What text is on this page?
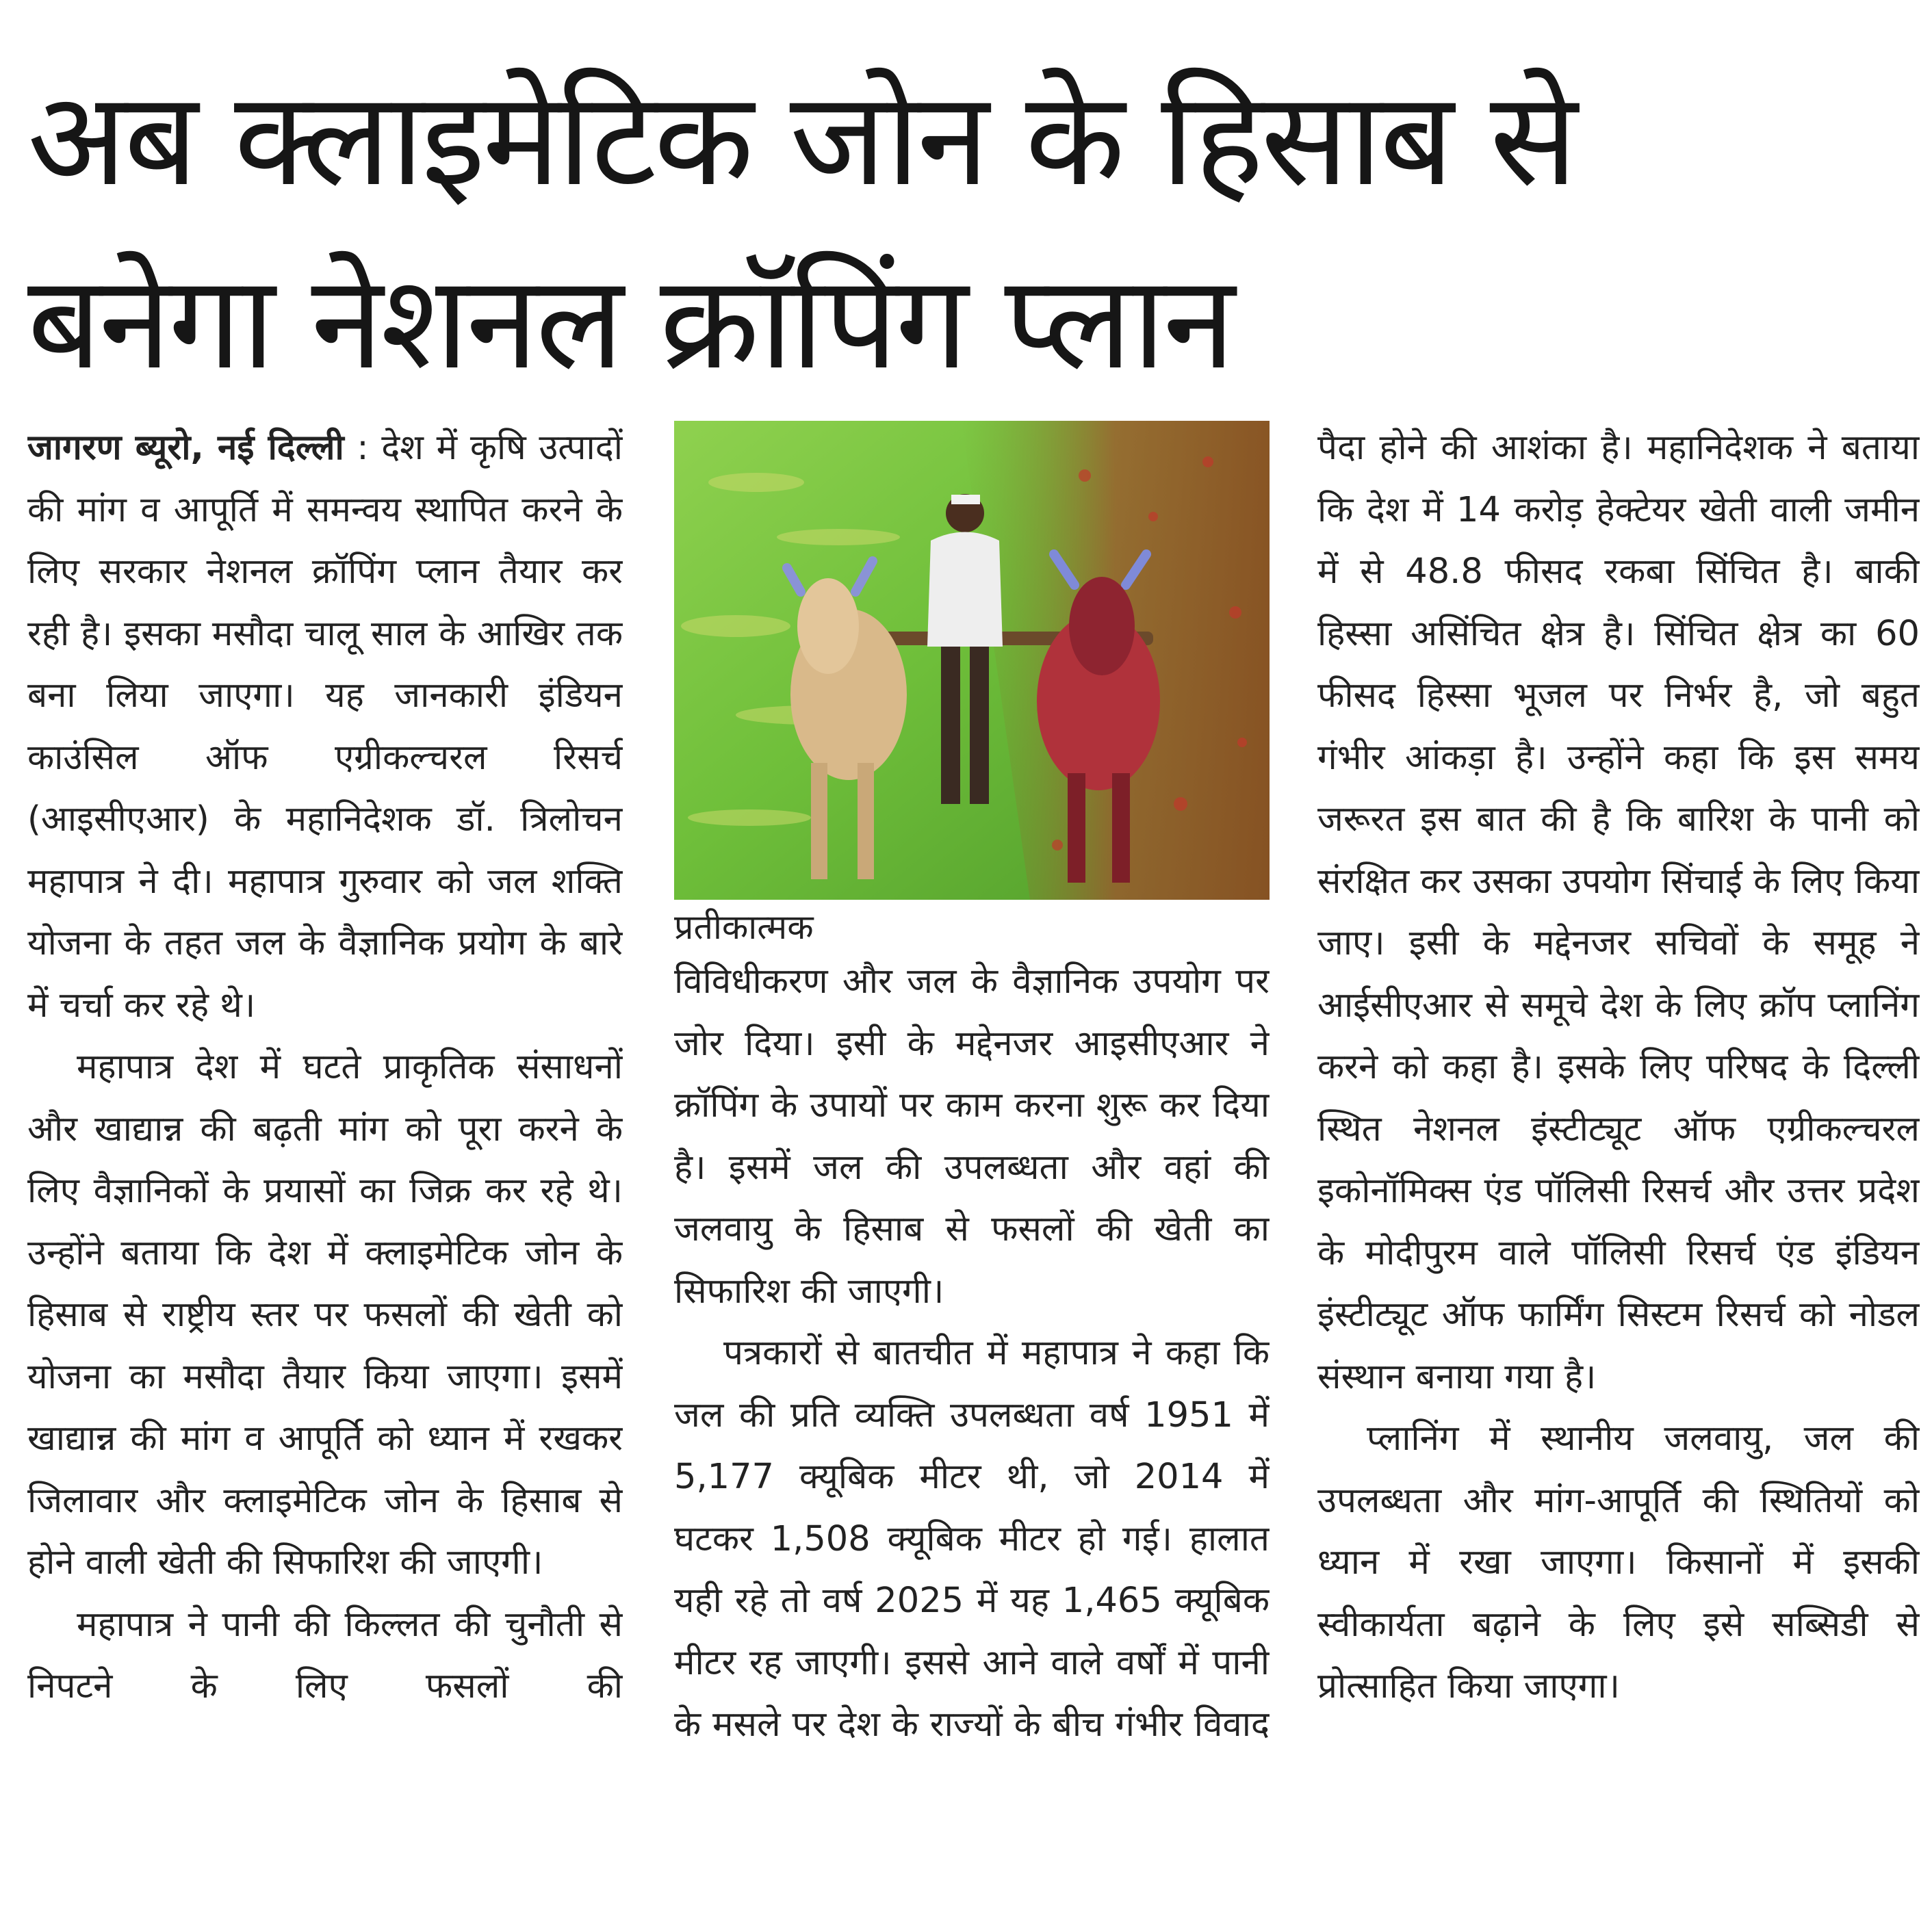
अब क्लाइमेटिक जोन के हिसाब से
बनेगा नेशनल क्रॉपिंग प्लान

जागरण ब्यूरो, नई दिल्ली : देश में कृषि उत्पादों की मांग व आपूर्ति में समन्वय स्थापित करने के लिए सरकार नेशनल क्रॉपिंग प्लान तैयार कर रही है। इसका मसौदा चालू साल के आखिर तक बना लिया जाएगा। यह जानकारी इंडियन काउंसिल ऑफ एग्रीकल्चरल रिसर्च (आइसीएआर) के महानिदेशक डॉ. त्रिलोचन महापात्र ने दी। महापात्र गुरुवार को जल शक्ति योजना के तहत जल के वैज्ञानिक प्रयोग के बारे में चर्चा कर रहे थे।

महापात्र देश में घटते प्राकृतिक संसाधनों और खाद्यान्न की बढ़ती मांग को पूरा करने के लिए वैज्ञानिकों के प्रयासों का जिक्र कर रहे थे। उन्होंने बताया कि देश में क्लाइमेटिक जोन के हिसाब से राष्ट्रीय स्तर पर फसलों की खेती को योजना का मसौदा तैयार किया जाएगा। इसमें खाद्यान्न की मांग व आपूर्ति को ध्यान में रखकर जिलावार और क्लाइमेटिक जोन के हिसाब से होने वाली खेती की सिफारिश की जाएगी।

महापात्र ने पानी की किल्लत की चुनौती से निपटने के लिए फसलों की

प्रतीकात्मक

विविधीकरण और जल के वैज्ञानिक उपयोग पर जोर दिया। इसी के मद्देनजर आइसीएआर ने क्रॉपिंग के उपायों पर काम करना शुरू कर दिया है। इसमें जल की उपलब्धता और वहां की जलवायु के हिसाब से फसलों की खेती का सिफारिश की जाएगी।

पत्रकारों से बातचीत में महापात्र ने कहा कि जल की प्रति व्यक्ति उपलब्धता वर्ष 1951 में 5,177 क्यूबिक मीटर थी, जो 2014 में घटकर 1,508 क्यूबिक मीटर हो गई। हालात यही रहे तो वर्ष 2025 में यह 1,465 क्यूबिक मीटर रह जाएगी। इससे आने वाले वर्षों में पानी के मसले पर देश के राज्यों के बीच गंभीर विवाद

पैदा होने की आशंका है। महानिदेशक ने बताया कि देश में 14 करोड़ हेक्टेयर खेती वाली जमीन में से 48.8 फीसद रकबा सिंचित है। बाकी हिस्सा असिंचित क्षेत्र है। सिंचित क्षेत्र का 60 फीसद हिस्सा भूजल पर निर्भर है, जो बहुत गंभीर आंकड़ा है। उन्होंने कहा कि इस समय जरूरत इस बात की है कि बारिश के पानी को संरक्षित कर उसका उपयोग सिंचाई के लिए किया जाए। इसी के मद्देनजर सचिवों के समूह ने आईसीएआर से समूचे देश के लिए क्रॉप प्लानिंग करने को कहा है। इसके लिए परिषद के दिल्ली स्थित नेशनल इंस्टीट्यूट ऑफ एग्रीकल्चरल इकोनॉमिक्स एंड पॉलिसी रिसर्च और उत्तर प्रदेश के मोदीपुरम वाले पॉलिसी रिसर्च एंड इंडियन इंस्टीट्यूट ऑफ फार्मिंग सिस्टम रिसर्च को नोडल संस्थान बनाया गया है।

प्लानिंग में स्थानीय जलवायु, जल की उपलब्धता और मांग-आपूर्ति की स्थितियों को ध्यान में रखा जाएगा। किसानों में इसकी स्वीकार्यता बढ़ाने के लिए इसे सब्सिडी से प्रोत्साहित किया जाएगा।
